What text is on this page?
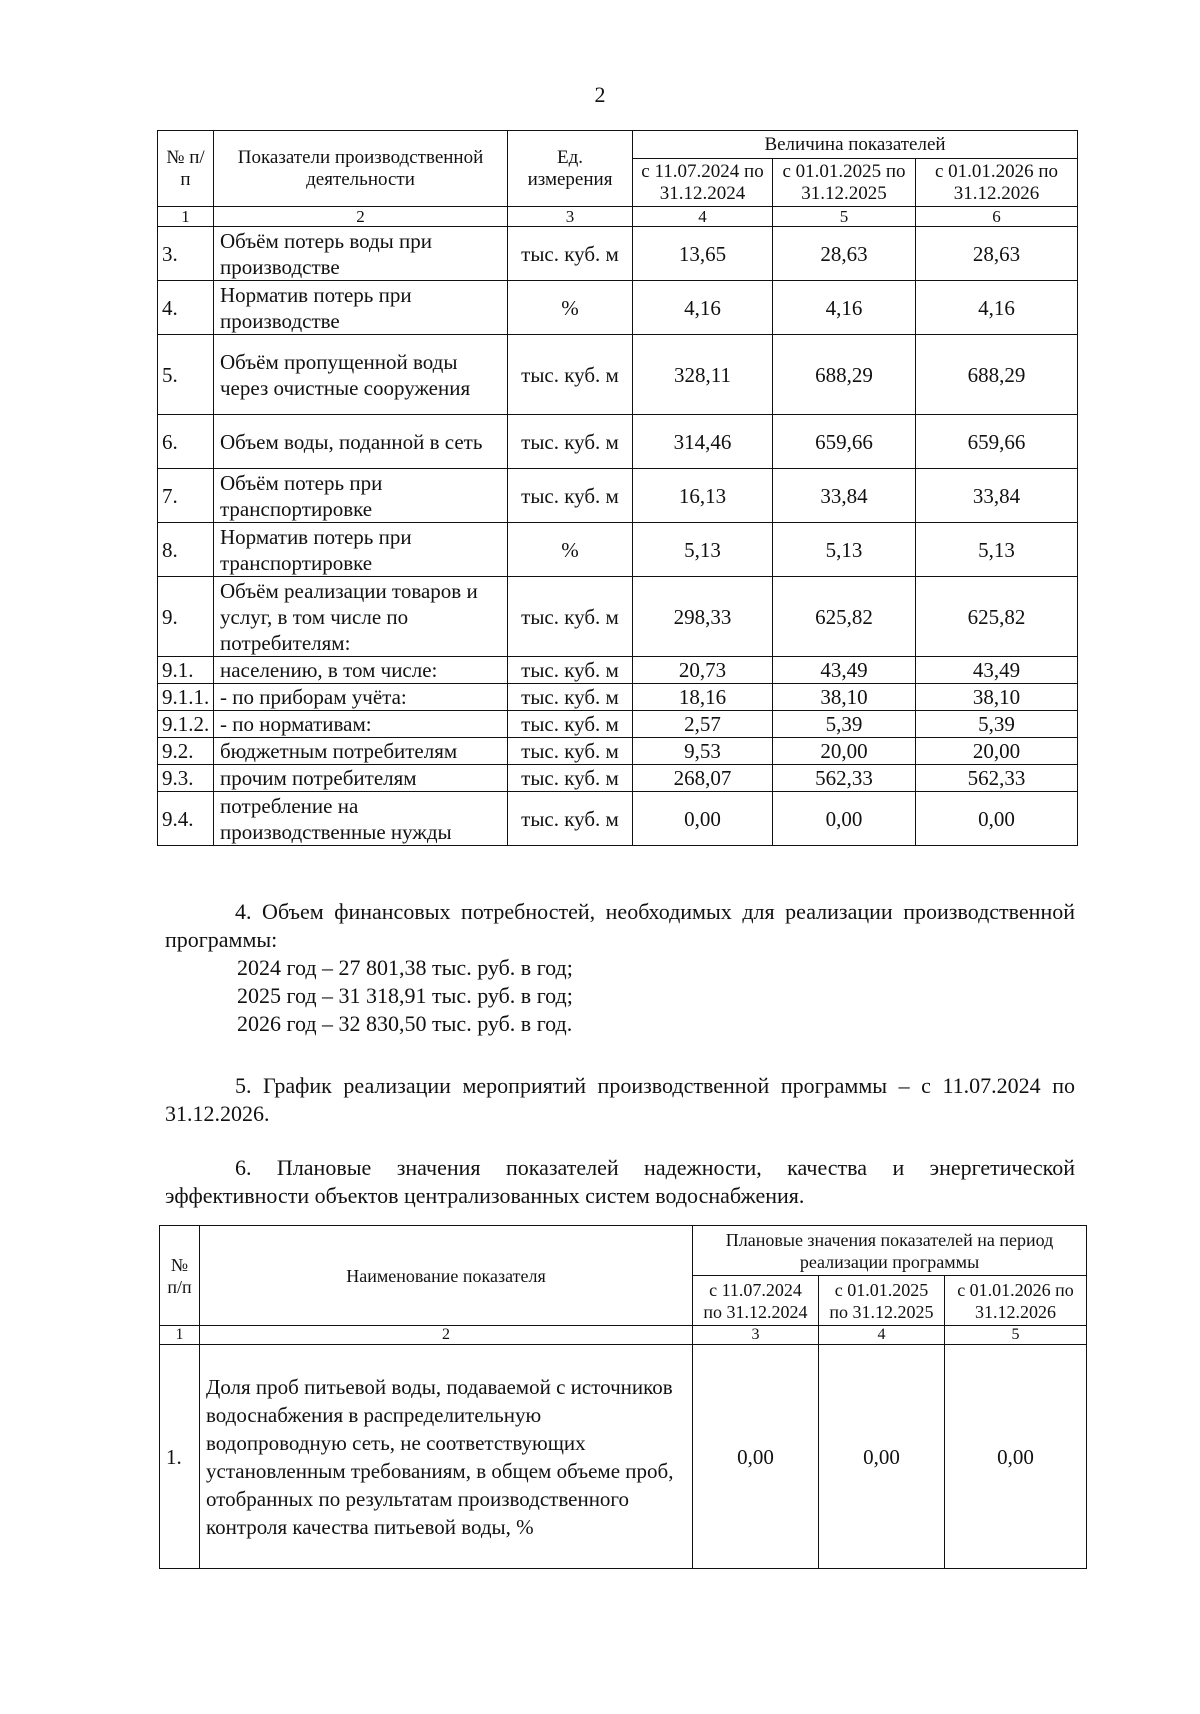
2
№ п/п	Показатели производственной деятельности	Ед. измерения	Величина показателей		
			с 11.07.2024 по 31.12.2024	с 01.01.2025 по 31.12.2025	с 01.01.2026 по 31.12.2026
1	2	3	4	5	6
3.	Объём потерь воды при производстве	тыс. куб. м	13,65	28,63	28,63
4.	Норматив потерь при производстве	%	4,16	4,16	4,16
5.	Объём пропущенной воды через очистные сооружения	тыс. куб. м	328,11	688,29	688,29
6.	Объем воды, поданной в сеть	тыс. куб. м	314,46	659,66	659,66
7.	Объём потерь при транспортировке	тыс. куб. м	16,13	33,84	33,84
8.	Норматив потерь при транспортировке	%	5,13	5,13	5,13
9.	Объём реализации товаров и услуг, в том числе по потребителям:	тыс. куб. м	298,33	625,82	625,82
9.1.	населению, в том числе:	тыс. куб. м	20,73	43,49	43,49
9.1.1.	- по приборам учёта:	тыс. куб. м	18,16	38,10	38,10
9.1.2.	- по нормативам:	тыс. куб. м	2,57	5,39	5,39
9.2.	бюджетным потребителям	тыс. куб. м	9,53	20,00	20,00
9.3.	прочим потребителям	тыс. куб. м	268,07	562,33	562,33
9.4.	потребление на производственные нужды	тыс. куб. м	0,00	0,00	0,00
4. Объем финансовых потребностей, необходимых для реализации производственной программы:
2024 год – 27 801,38 тыс. руб. в год;
2025 год – 31 318,91 тыс. руб. в год;
2026 год – 32 830,50 тыс. руб. в год.
5. График реализации мероприятий производственной программы – с 11.07.2024 по 31.12.2026.
6. Плановые значения показателей надежности, качества и энергетической эффективности объектов централизованных систем водоснабжения.
№ п/п	Наименование показателя	Плановые значения показателей на период реализации программы		
		с 11.07.2024 по 31.12.2024	с 01.01.2025 по 31.12.2025	с 01.01.2026 по 31.12.2026
1	2	3	4	5
1.	Доля проб питьевой воды, подаваемой с источников водоснабжения в распределительную водопроводную сеть, не соответствующих установленным требованиям, в общем объеме проб, отобранных по результатам производственного контроля качества питьевой воды, %	0,00	0,00	0,00
